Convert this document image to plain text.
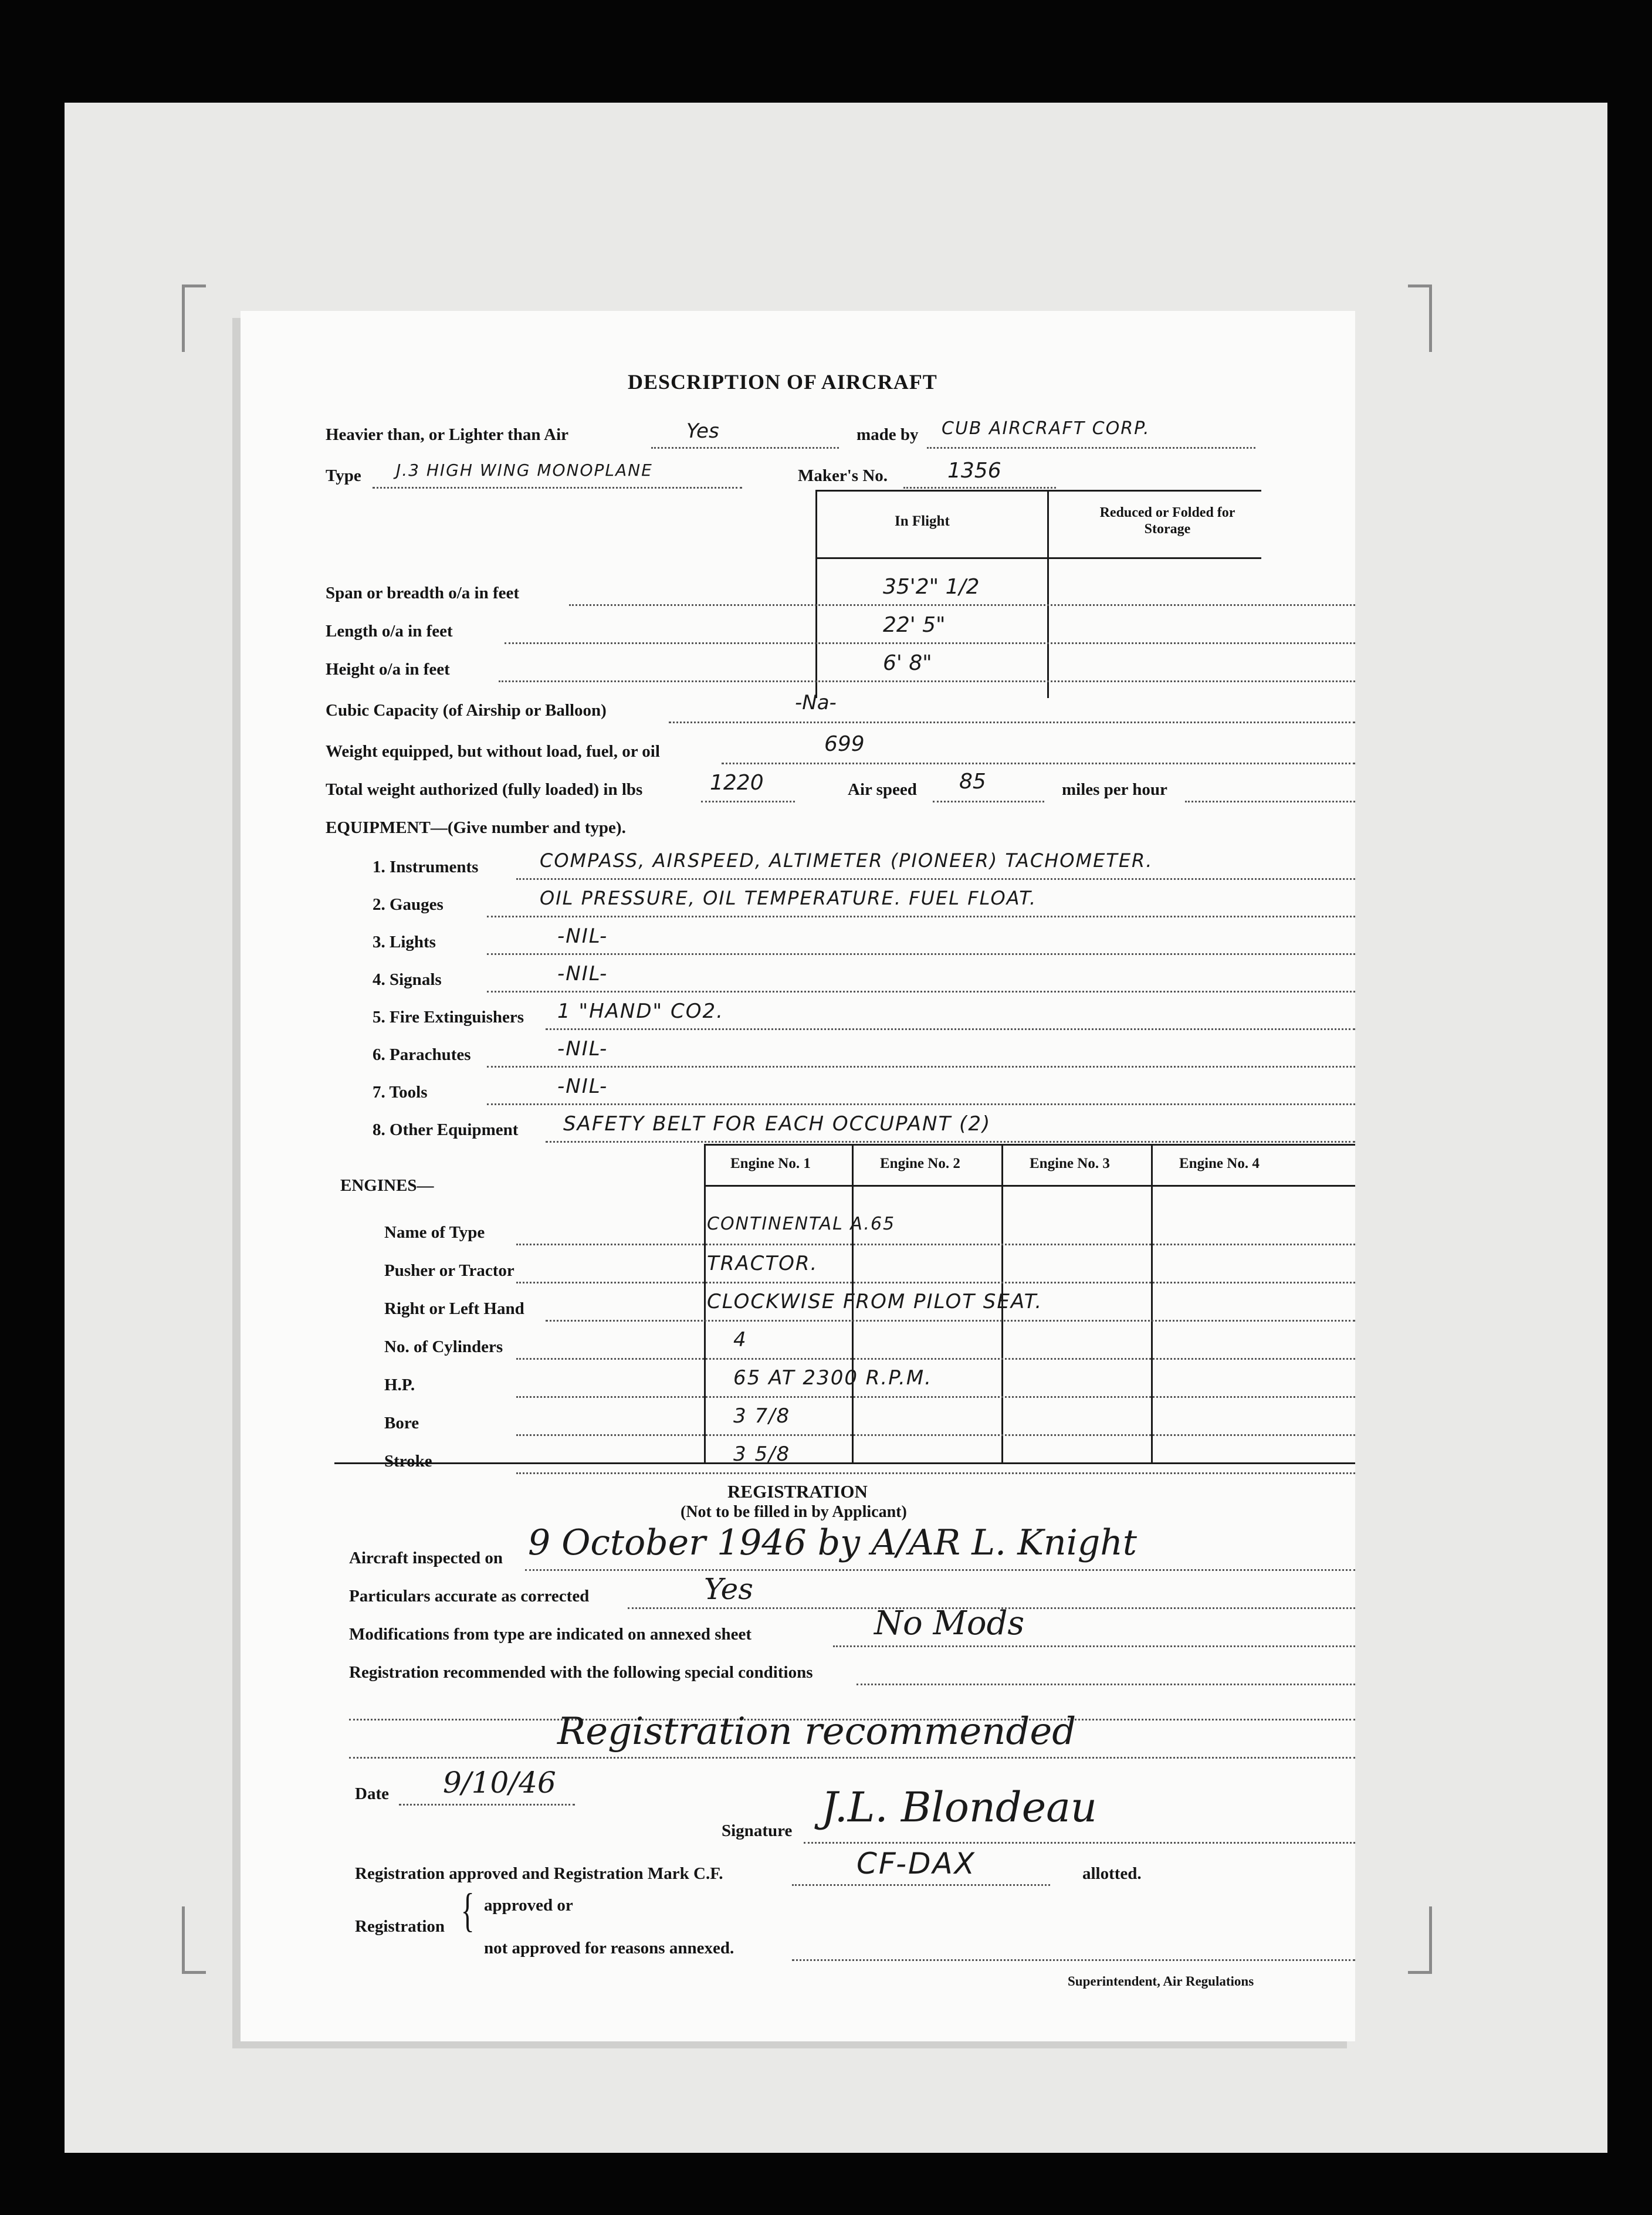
DESCRIPTION OF AIRCRAFT
Heavier than, or Lighter than Air	Yes	made by CUB AIRCRAFT CORP.
Type J.3 HIGH WING MONOPLANE	Maker's No.	1356
In Flight
Reduced or Folded for Storage
Span or breadth o/a in feet	35'2" 1/2
Length o/a in feet	22' 5"
Height o/a in feet	6' 8"
Cubic Capacity (of Airship or Balloon)	-Na-
Weight equipped, but without load, fuel, or oil	699
Total weight authorized (fully loaded) in lbs	1220	Air speed 85	miles per hour
EQUIPMENT—(Give number and type).
Engine No. 1	Engine No. 2	Engine No. 3	Engine No. 4
ENGINES—
REGISTRATION
(Not to be filled in by Applicant)
Aircraft inspected on 9 October 1946 by A/AR L. Knight
Particulars accurate as corrected	Yes
Modifications from type are indicated on annexed sheet	No Mods
Registration recommended with the following special conditions
Registration recommended
Date 9/10/46
Signature J.L. Blondeau
Registration approved and Registration Mark C.F.	CF-DAX	allotted.
Registration { approved or
not approved for reasons annexed.
Superintendent, Air Regulations
1. Instruments	COMPASS, AIRSPEED, ALTIMETER (PIONEER) TACHOMETER.
2. Gauges	OIL PRESSURE, OIL TEMPERATURE. FUEL FLOAT.
3. Lights	-NIL-
4. Signals	-NIL-
5. Fire Extinguishers 1 "HAND" CO2.
6. Parachutes	-NIL-
7. Tools	-NIL-
8. Other Equipment SAFETY BELT FOR EACH OCCUPANT (2)
Name of Type	CONTINENTAL A.65
Pusher or Tractor	TRACTOR.
Right or Left Hand	CLOCKWISE FROM PILOT SEAT.
No. of Cylinders	4
H.P.	65 AT 2300 R.P.M.
Bore	3 7/8
Stroke	3 5/8
